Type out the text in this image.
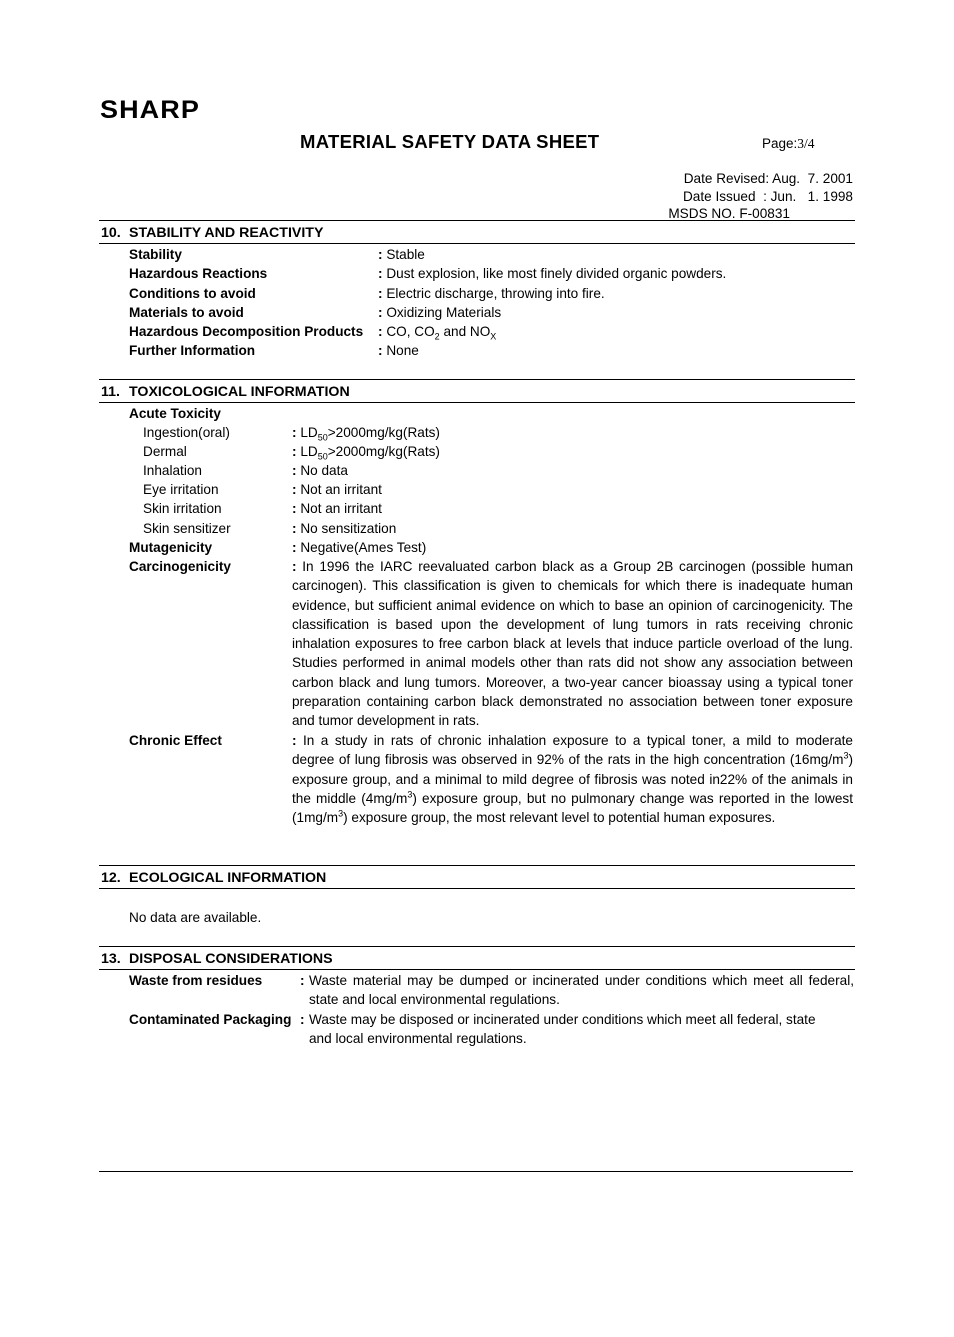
SHARP
MATERIAL SAFETY DATA SHEET	Page:3/4
Date Revised: Aug.  7. 2001
Date Issued  : Jun.   1. 1998
MSDS NO. F-00831
10. STABILITY AND REACTIVITY
Stability	: Stable
Hazardous Reactions	: Dust explosion, like most finely divided organic powders.
Conditions to avoid	: Electric discharge, throwing into fire.
Materials to avoid	: Oxidizing Materials
Hazardous Decomposition Products : CO, $CO_2$ and $NO_X$
Further Information	: None
11. TOXICOLOGICAL INFORMATION
Acute Toxicity
Ingestion(oral)	: $LD_{50}>2000mg/kg(Rats)$
Dermal	: $LD_{50}>2000mg/kg(Rats)$
Inhalation	: No data
Eye irritation	: Not an irritant
Skin irritation	: Not an irritant
Skin sensitizer	: No sensitization
Mutagenicity	: Negative(Ames Test)
Carcinogenicity	: In 1996 the IARC reevaluated carbon black as a Group 2B carcinogen (possible human carcinogen). This classification is given to chemicals for which there is inadequate human evidence, but sufficient animal evidence on which to base an opinion of carcinogenicity. The classification is based upon the development of lung tumors in rats receiving chronic inhalation exposures to free carbon black at levels that induce particle overload of the lung. Studies performed in animal models other than rats did not show any association between carbon black and lung tumors. Moreover, a two-year cancer bioassay using a typical toner preparation containing carbon black demonstrated no association between toner exposure and tumor development in rats.
Chronic Effect	: In a study in rats of chronic inhalation exposure to a typical toner, a mild to moderate degree of lung fibrosis was observed in 92% of the rats in the high concentration $(16mg/m^3)$ exposure group, and a minimal to mild degree of fibrosis was noted in22% of the animals in the middle $(4mg/m^3)$ exposure group, but no pulmonary change was reported in the lowest $(1mg/m^3)$ exposure group, the most relevant level to potential human exposures.
12. ECOLOGICAL INFORMATION
No data are available.
13. DISPOSAL CONSIDERATIONS
Waste from residues	: Waste material may be dumped or incinerated under conditions which meet all federal, state and local environmental regulations.
Contaminated Packaging : Waste may be disposed or incinerated under conditions which meet all federal, state and local environmental regulations.
